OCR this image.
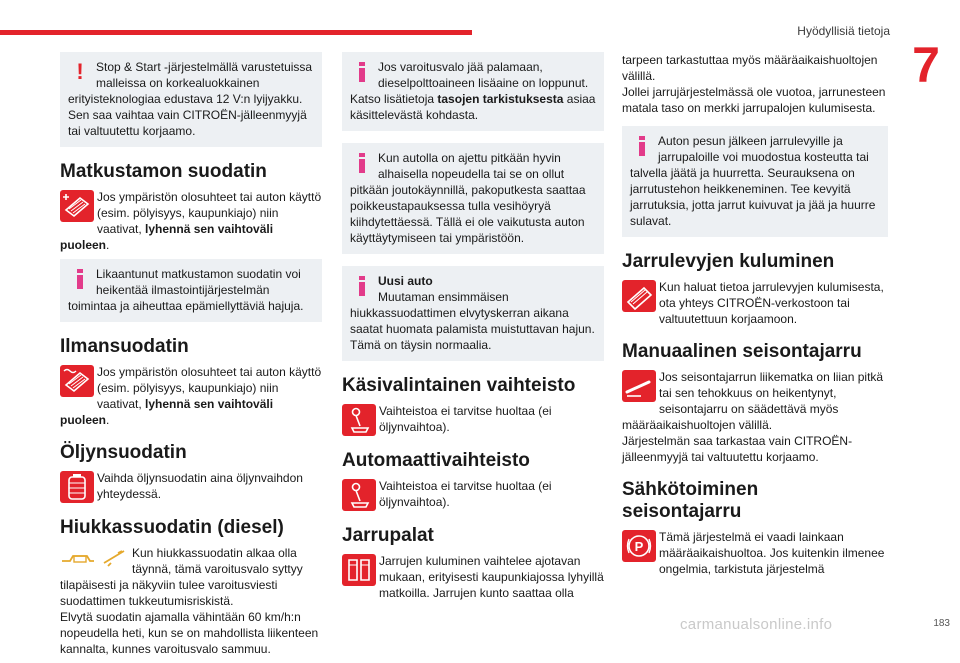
Hyödyllisiä tietoja
7
!	Stop & Start -järjestelmällä varustetuissa malleissa on korkealuokkainen erityisteknologiaa edustava 12 V:n lyijyakku. Sen saa vaihtaa vain CITROËN-jälleenmyyjä tai valtuutettu korjaamo.
Matkustamon suodatin
Jos ympäristön olosuhteet tai auton käyttö (esim. pölyisyys, kaupunkiajo) niin vaativat, lyhennä sen vaihtoväli puoleen.
Likaantunut matkustamon suodatin voi heikentää ilmastointijärjestelmän toimintaa ja aiheuttaa epämiellyttäviä hajuja.
Ilmansuodatin
Jos ympäristön olosuhteet tai auton käyttö (esim. pölyisyys, kaupunkiajo) niin vaativat, lyhennä sen vaihtoväli puoleen.
Öljynsuodatin
Vaihda öljynsuodatin aina öljynvaihdon yhteydessä.
Hiukkassuodatin (diesel)
Kun hiukkassuodatin alkaa olla täynnä, tämä varoitusvalo syttyy tilapäisesti ja näkyviin tulee varoitusviesti suodattimen tukkeutumisriskistä.
Elvytä suodatin ajamalla vähintään 60 km/h:n nopeudella heti, kun se on mahdollista liikenteen kannalta, kunnes varoitusvalo sammuu.
Jos varoitusvalo jää palamaan, dieselpolttoaineen lisäaine on loppunut.
Katso lisätietoja tasojen tarkistuksesta asiaa käsittelevästä kohdasta.
Kun autolla on ajettu pitkään hyvin alhaisella nopeudella tai se on ollut pitkään joutokäynnillä, pakoputkesta saattaa poikkeustapauksessa tulla vesihöyryä kiihdytettäessä. Tällä ei ole vaikutusta auton käyttäytymiseen tai ympäristöön.
Uusi auto
Muutaman ensimmäisen hiukkassuodattimen elvytyskerran aikana saatat huomata palamista muistuttavan hajun. Tämä on täysin normaalia.
Käsivalintainen vaihteisto
Vaihteistoa ei tarvitse huoltaa (ei öljynvaihtoa).
Automaattivaihteisto
Vaihteistoa ei tarvitse huoltaa (ei öljynvaihtoa).
Jarrupalat
Jarrujen kuluminen vaihtelee ajotavan mukaan, erityisesti kaupunkiajossa lyhyillä matkoilla. Jarrujen kunto saattaa olla
tarpeen tarkastuttaa myös määräaikaishuoltojen välillä.
Jollei jarrujärjestelmässä ole vuotoa, jarrunesteen matala taso on merkki jarrupalojen kulumisesta.
Auton pesun jälkeen jarrulevyille ja jarrupaloille voi muodostua kosteutta tai talvella jäätä ja huurretta. Seurauksena on jarrutustehon heikkeneminen. Tee kevyitä jarrutuksia, jotta jarrut kuivuvat ja jää ja huurre sulavat.
Jarrulevyjen kuluminen
Kun haluat tietoa jarrulevyjen kulumisesta, ota yhteys CITROËN-verkostoon tai valtuutettuun korjaamoon.
Manuaalinen seisontajarru
Jos seisontajarrun liikematka on liian pitkä tai sen tehokkuus on heikentynyt, seisontajarru on säädettävä myös määräaikaishuoltojen välillä.
Järjestelmän saa tarkastaa vain CITROËN-jälleenmyyjä tai valtuutettu korjaamo.
Sähkötoiminen
seisontajarru
P
Tämä järjestelmä ei vaadi lainkaan määräaikaishuoltoa. Jos kuitenkin ilmenee ongelmia, tarkistuta järjestelmä
carmanualsonline.info	183
